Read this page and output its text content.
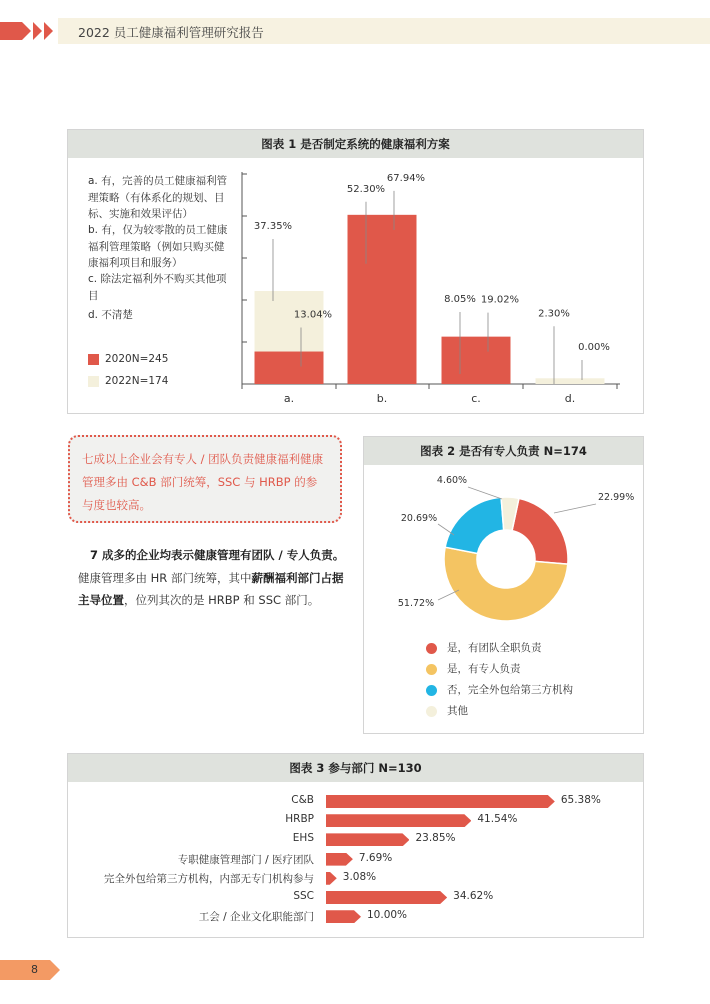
2022 员工健康福利管理研究报告
图表 1 是否制定系统的健康福利方案
a. 有，完善的员工健康福利管理策略（有体系化的规划、目标、实施和效果评估）
b. 有，仅为较零散的员工健康福利管理策略（例如只购买健康福利项目和服务）
c. 除法定福利外不购买其他项目
d. 不清楚
2020N=245
2022N=174
37.35%
13.04%
a.
52.30%
67.94%
b.
8.05% 19.02%
c.
2.30%
0.00%
d.
七成以上企业会有专人 / 团队负责健康福利健康管理多由 C&B 部门统筹，SSC 与 HRBP 的参与度也较高。
7 成多的企业均表示健康管理有团队 / 专人负责。健康管理多由 HR 部门统筹，其中薪酬福利部门占据主导位置，位列其次的是 HRBP 和 SSC 部门。
图表 2 是否有专人负责 N=174
22.99%
51.72%
20.69%
4.60%
是，有团队全职负责
是，有专人负责
否，完全外包给第三方机构
其他
图表 3 参与部门 N=130
C&B	65.38%
HRBP	41.54%
EHS	23.85%
专职健康管理部门 / 医疗团队	7.69%
完全外包给第三方机构，内部无专门机构参与	3.08%
SSC	34.62%
工会 / 企业文化职能部门	10.00%
8
